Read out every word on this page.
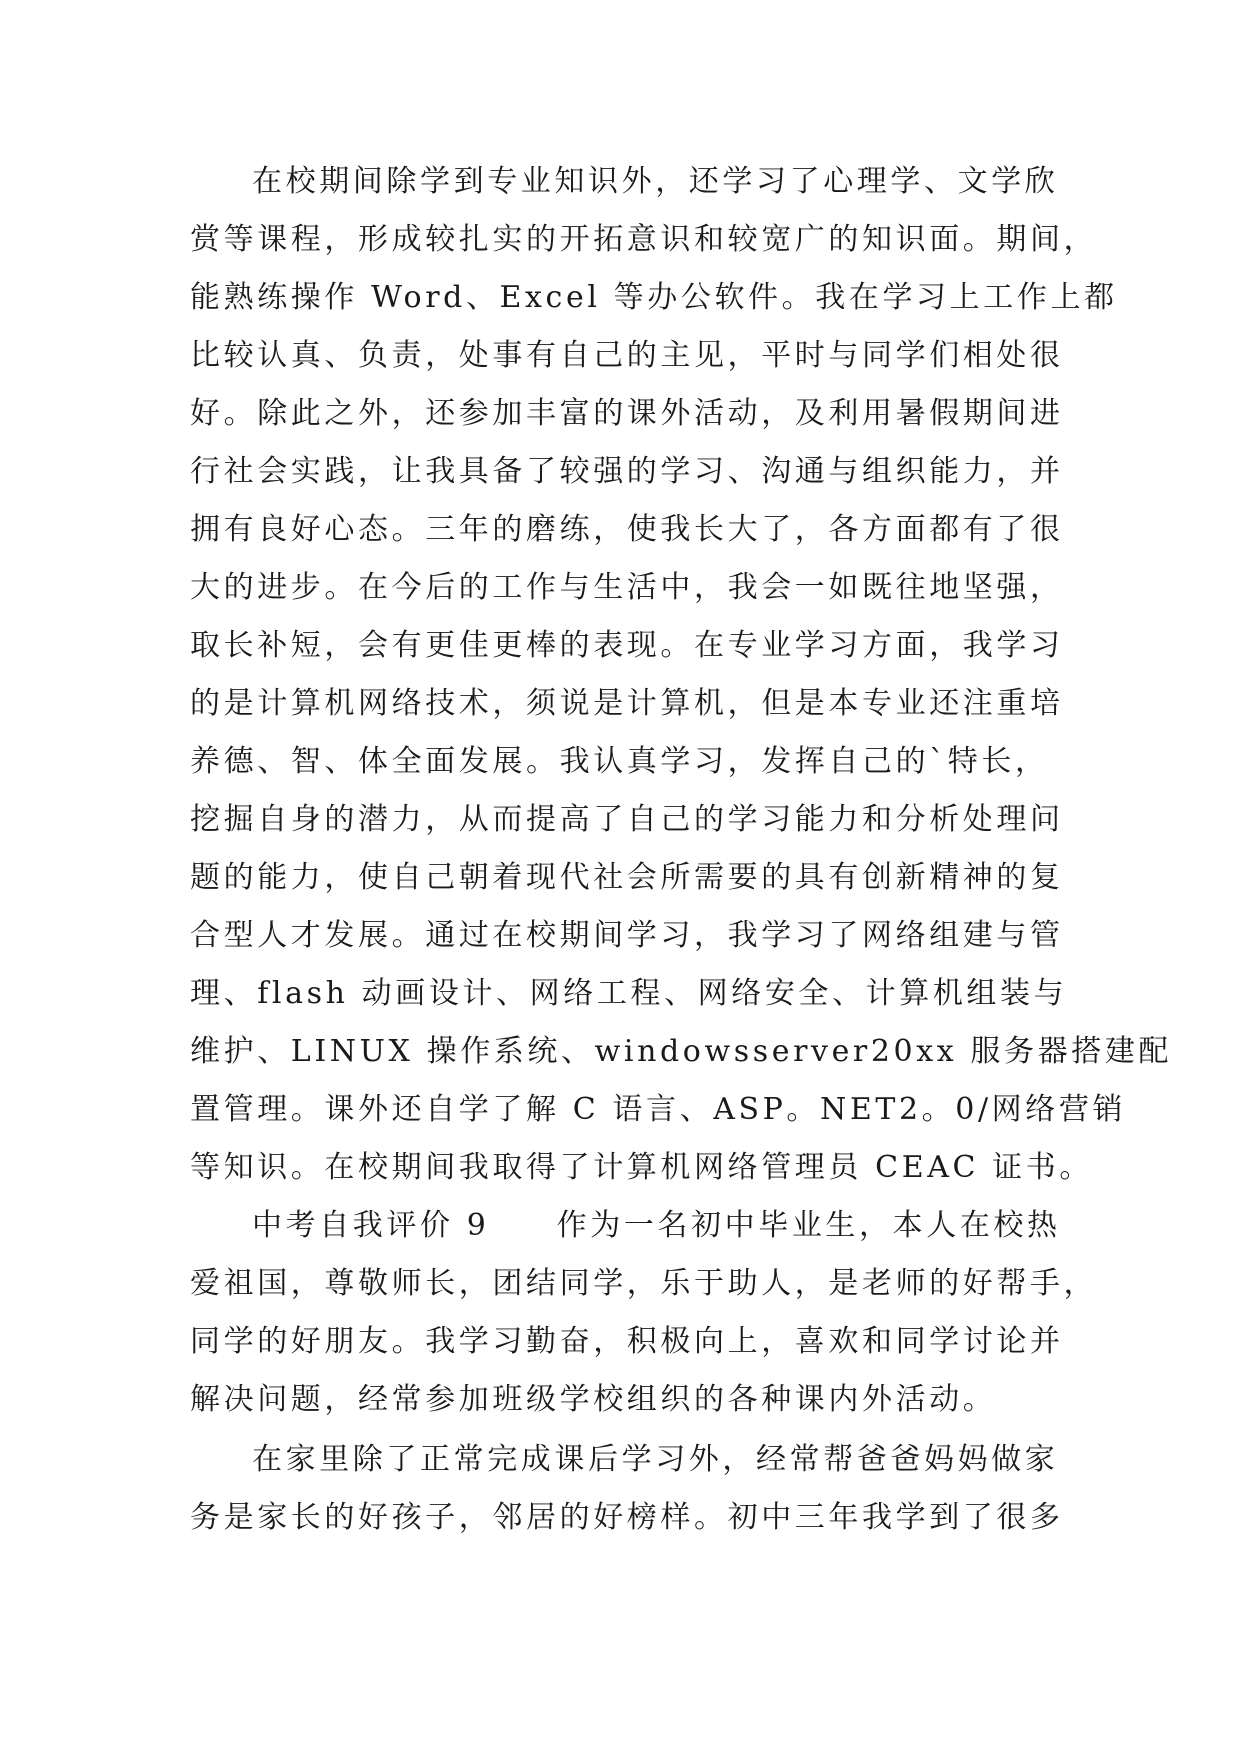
在校期间除学到专业知识外，还学习了心理学、文学欣
赏等课程，形成较扎实的开拓意识和较宽广的知识面。期间，
能熟练操作 Word、Excel 等办公软件。我在学习上工作上都
比较认真、负责，处事有自己的主见，平时与同学们相处很
好。除此之外，还参加丰富的课外活动，及利用暑假期间进
行社会实践，让我具备了较强的学习、沟通与组织能力，并
拥有良好心态。三年的磨练，使我长大了，各方面都有了很
大的进步。在今后的工作与生活中，我会一如既往地坚强，
取长补短，会有更佳更棒的表现。在专业学习方面，我学习
的是计算机网络技术，须说是计算机，但是本专业还注重培
养德、智、体全面发展。我认真学习，发挥自己的`特长，
挖掘自身的潜力，从而提高了自己的学习能力和分析处理问
题的能力，使自己朝着现代社会所需要的具有创新精神的复
合型人才发展。通过在校期间学习，我学习了网络组建与管
理、flash 动画设计、网络工程、网络安全、计算机组装与
维护、LINUX 操作系统、windowsserver20xx 服务器搭建配
置管理。课外还自学了解 C 语言、ASP。NET2。0/网络营销
等知识。在校期间我取得了计算机网络管理员 CEAC 证书。
中考自我评价 9　　作为一名初中毕业生，本人在校热
爱祖国，尊敬师长，团结同学，乐于助人，是老师的好帮手，
同学的好朋友。我学习勤奋，积极向上，喜欢和同学讨论并
解决问题，经常参加班级学校组织的各种课内外活动。
在家里除了正常完成课后学习外，经常帮爸爸妈妈做家
务是家长的好孩子，邻居的好榜样。初中三年我学到了很多
